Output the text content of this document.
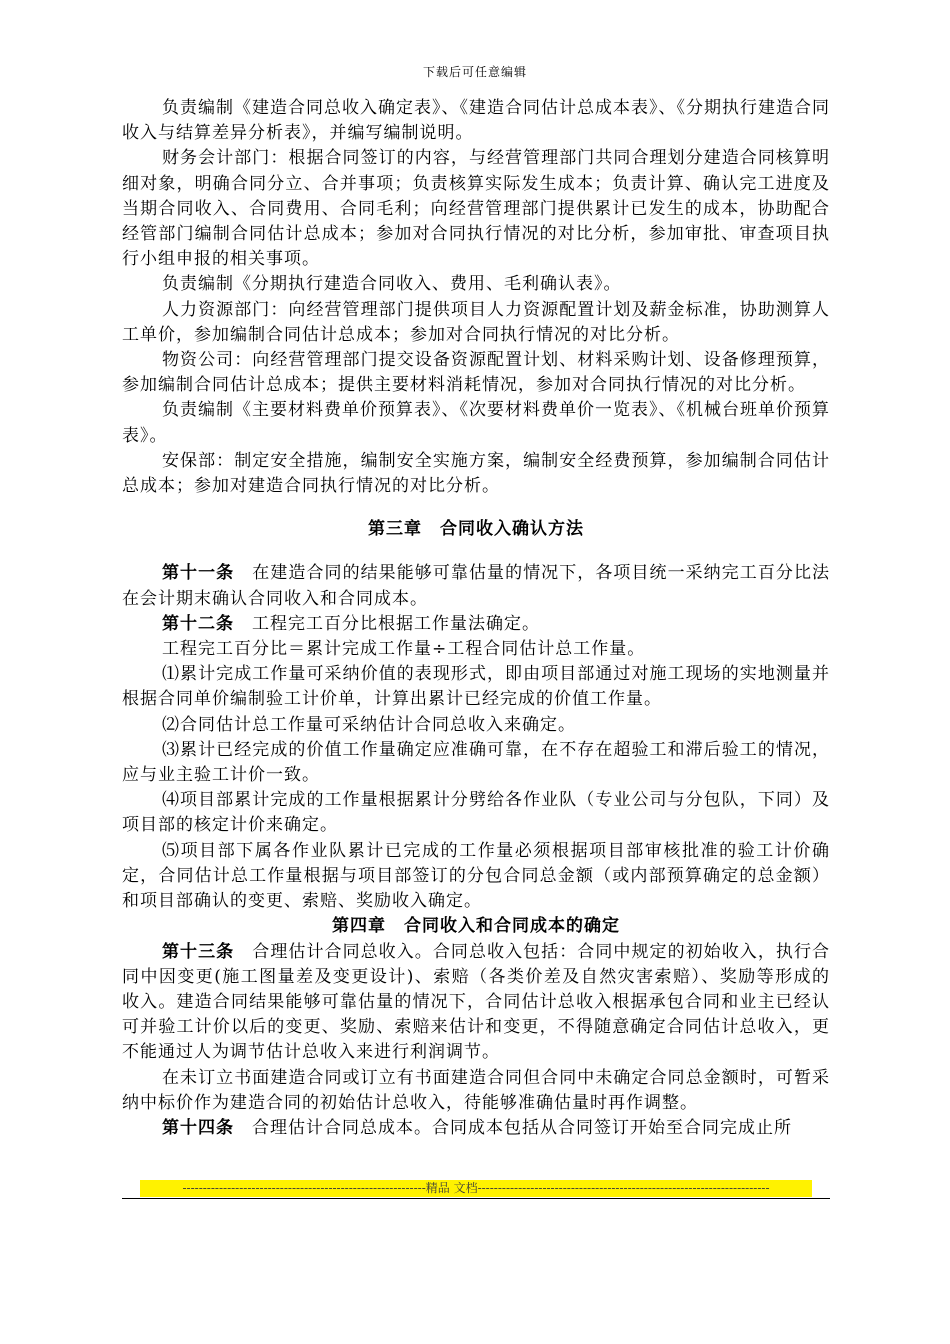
下载后可任意编辑

负责编制《建造合同总收入确定表》、《建造合同估计总成本表》、《分期执行建造合同收入与结算差异分析表》，并编写编制说明。

财务会计部门：根据合同签订的内容，与经营管理部门共同合理划分建造合同核算明细对象，明确合同分立、合并事项；负责核算实际发生成本；负责计算、确认完工进度及当期合同收入、合同费用、合同毛利；向经营管理部门提供累计已发生的成本，协助配合经管部门编制合同估计总成本；参加对合同执行情况的对比分析，参加审批、审查项目执行小组申报的相关事项。

负责编制《分期执行建造合同收入、费用、毛利确认表》。

人力资源部门：向经营管理部门提供项目人力资源配置计划及薪金标准，协助测算人工单价，参加编制合同估计总成本；参加对合同执行情况的对比分析。

物资公司：向经营管理部门提交设备资源配置计划、材料采购计划、设备修理预算，参加编制合同估计总成本；提供主要材料消耗情况，参加对合同执行情况的对比分析。

负责编制《主要材料费单价预算表》、《次要材料费单价一览表》、《机械台班单价预算表》。

安保部：制定安全措施，编制安全实施方案，编制安全经费预算，参加编制合同估计总成本；参加对建造合同执行情况的对比分析。

第三章　合同收入确认方法

第十一条　在建造合同的结果能够可靠估量的情况下，各项目统一采纳完工百分比法在会计期末确认合同收入和合同成本。

第十二条　工程完工百分比根据工作量法确定。

工程完工百分比＝累计完成工作量÷工程合同估计总工作量。

⑴累计完成工作量可采纳价值的表现形式，即由项目部通过对施工现场的实地测量并根据合同单价编制验工计价单，计算出累计已经完成的价值工作量。

⑵合同估计总工作量可采纳估计合同总收入来确定。

⑶累计已经完成的价值工作量确定应准确可靠，在不存在超验工和滞后验工的情况，应与业主验工计价一致。

⑷项目部累计完成的工作量根据累计分劈给各作业队（专业公司与分包队，下同）及项目部的核定计价来确定。

⑸项目部下属各作业队累计已完成的工作量必须根据项目部审核批准的验工计价确定，合同估计总工作量根据与项目部签订的分包合同总金额（或内部预算确定的总金额）和项目部确认的变更、索赔、奖励收入确定。

第四章　合同收入和合同成本的确定

第十三条　合理估计合同总收入。合同总收入包括：合同中规定的初始收入，执行合同中因变更(施工图量差及变更设计)、索赔（各类价差及自然灾害索赔）、奖励等形成的收入。建造合同结果能够可靠估量的情况下，合同估计总收入根据承包合同和业主已经认可并验工计价以后的变更、奖励、索赔来估计和变更，不得随意确定合同估计总收入，更不能通过人为调节估计总收入来进行利润调节。

在未订立书面建造合同或订立有书面建造合同但合同中未确定合同总金额时，可暂采纳中标价作为建造合同的初始估计总收入，待能够准确估量时再作调整。

第十四条　合理估计合同总成本。合同成本包括从合同签订开始至合同完成止所

------------------------------------------------------------精品 文档------------------------------------------------------------------------
